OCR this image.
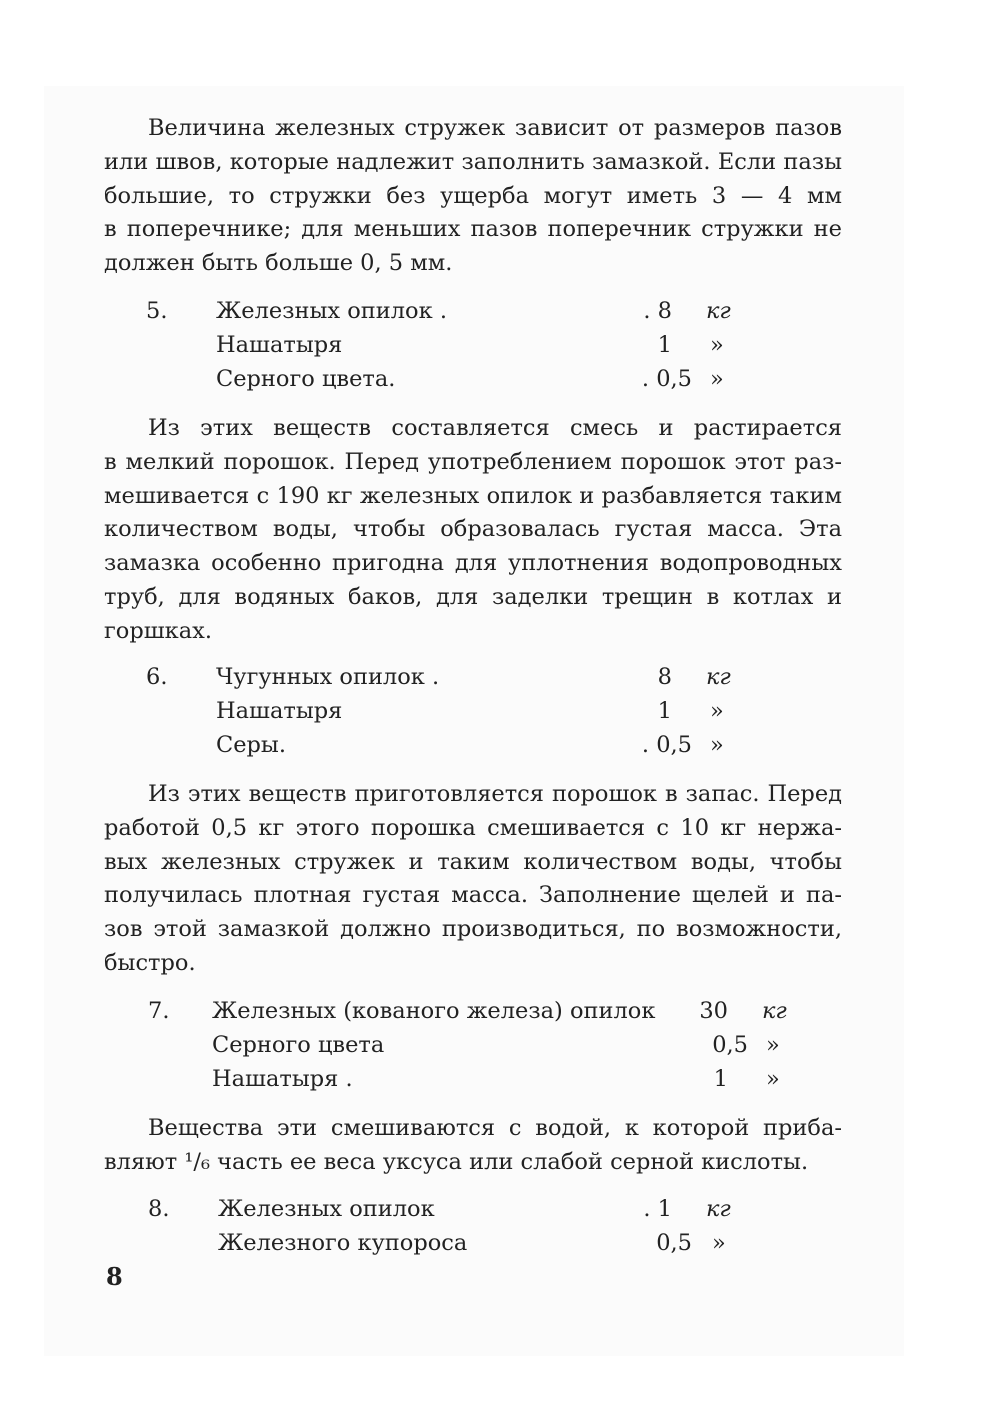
Величина железных стружек зависит от размеров пазов
или швов, которые надлежит заполнить замазкой. Если пазы
большие, то стружки без ущерба могут иметь 3 — 4 мм
в поперечнике; для меньших пазов поперечник стружки не
должен быть больше 0, 5 мм.
5. Железных опилок .	. 8 кг
Нашатыря	1 »
Серного цвета.	. 0,5 »
Из этих веществ составляется смесь и растирается
в мелкий порошок. Перед употреблением порошок этот раз-
мешивается с 190 кг железных опилок и разбавляется таким
количеством воды, чтобы образовалась густая масса. Эта
замазка особенно пригодна для уплотнения водопроводных
труб, для водяных баков, для заделки трещин в котлах и
горшках.
6. Чугунных опилок .	8 кг
Нашатыря	1 »
Серы.	. 0,5 »
Из этих веществ приготовляется порошок в запас. Перед
работой 0,5 кг этого порошка смешивается с 10 кг нержа-
вых железных стружек и таким количеством воды, чтобы
получилась плотная густая масса. Заполнение щелей и па-
зов этой замазкой должно производиться, по возможности,
быстро.
7. Железных (кованого железа) опилок	30 кг
Серного цвета	0,5 »
Нашатыря .	1 »
Вещества эти смешиваются с водой, к которой приба-
вляют ¹/₆ часть ее веса уксуса или слабой серной кислоты.
8. Железных опилок	. 1 кг
Железного купороса	0,5 »
8
